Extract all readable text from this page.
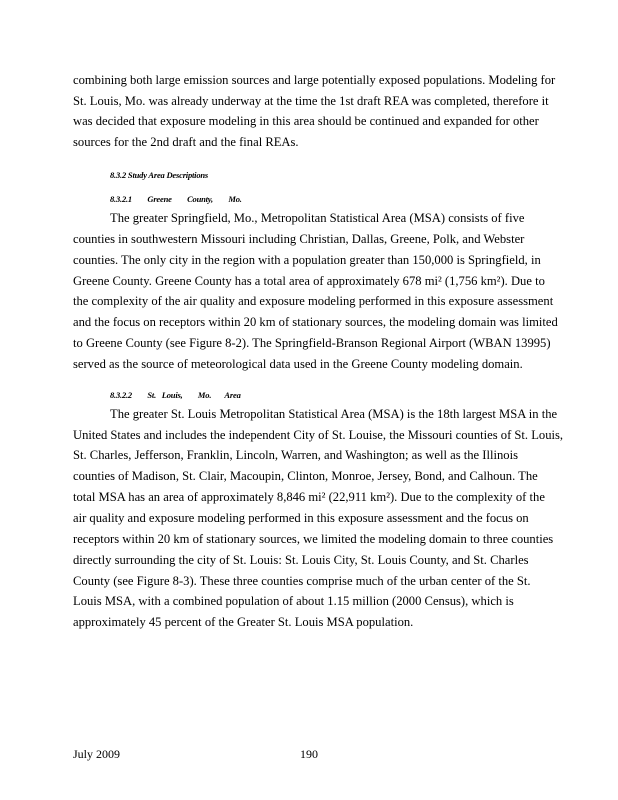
combining both large emission sources and large potentially exposed populations. Modeling for
St. Louis, Mo. was already underway at the time the 1st draft REA was completed, therefore it
was decided that exposure modeling in this area should be continued and expanded for other
sources for the 2nd draft and the final REAs.
8.3.2 Study Area Descriptions
8.3.2.1        Greene        County,        Mo.
The greater Springfield, Mo., Metropolitan Statistical Area (MSA) consists of five
counties in southwestern Missouri including Christian, Dallas, Greene, Polk, and Webster
counties. The only city in the region with a population greater than 150,000 is Springfield, in
Greene County. Greene County has a total area of approximately 678 mi² (1,756 km²). Due to
the complexity of the air quality and exposure modeling performed in this exposure assessment
and the focus on receptors within 20 km of stationary sources, the modeling domain was limited
to Greene County (see Figure 8-2). The Springfield-Branson Regional Airport (WBAN 13995)
served as the source of meteorological data used in the Greene County modeling domain.
8.3.2.2        St.   Louis,        Mo.       Area
The greater St. Louis Metropolitan Statistical Area (MSA) is the 18th largest MSA in the
United States and includes the independent City of St. Louise, the Missouri counties of St. Louis,
St. Charles, Jefferson, Franklin, Lincoln, Warren, and Washington; as well as the Illinois
counties of Madison, St. Clair, Macoupin, Clinton, Monroe, Jersey, Bond, and Calhoun. The
total MSA has an area of approximately 8,846 mi² (22,911 km²). Due to the complexity of the
air quality and exposure modeling performed in this exposure assessment and the focus on
receptors within 20 km of stationary sources, we limited the modeling domain to three counties
directly surrounding the city of St. Louis: St. Louis City, St. Louis County, and St. Charles
County (see Figure 8-3). These three counties comprise much of the urban center of the St.
Louis MSA, with a combined population of about 1.15 million (2000 Census), which is
approximately 45 percent of the Greater St. Louis MSA population.
July 2009	190
